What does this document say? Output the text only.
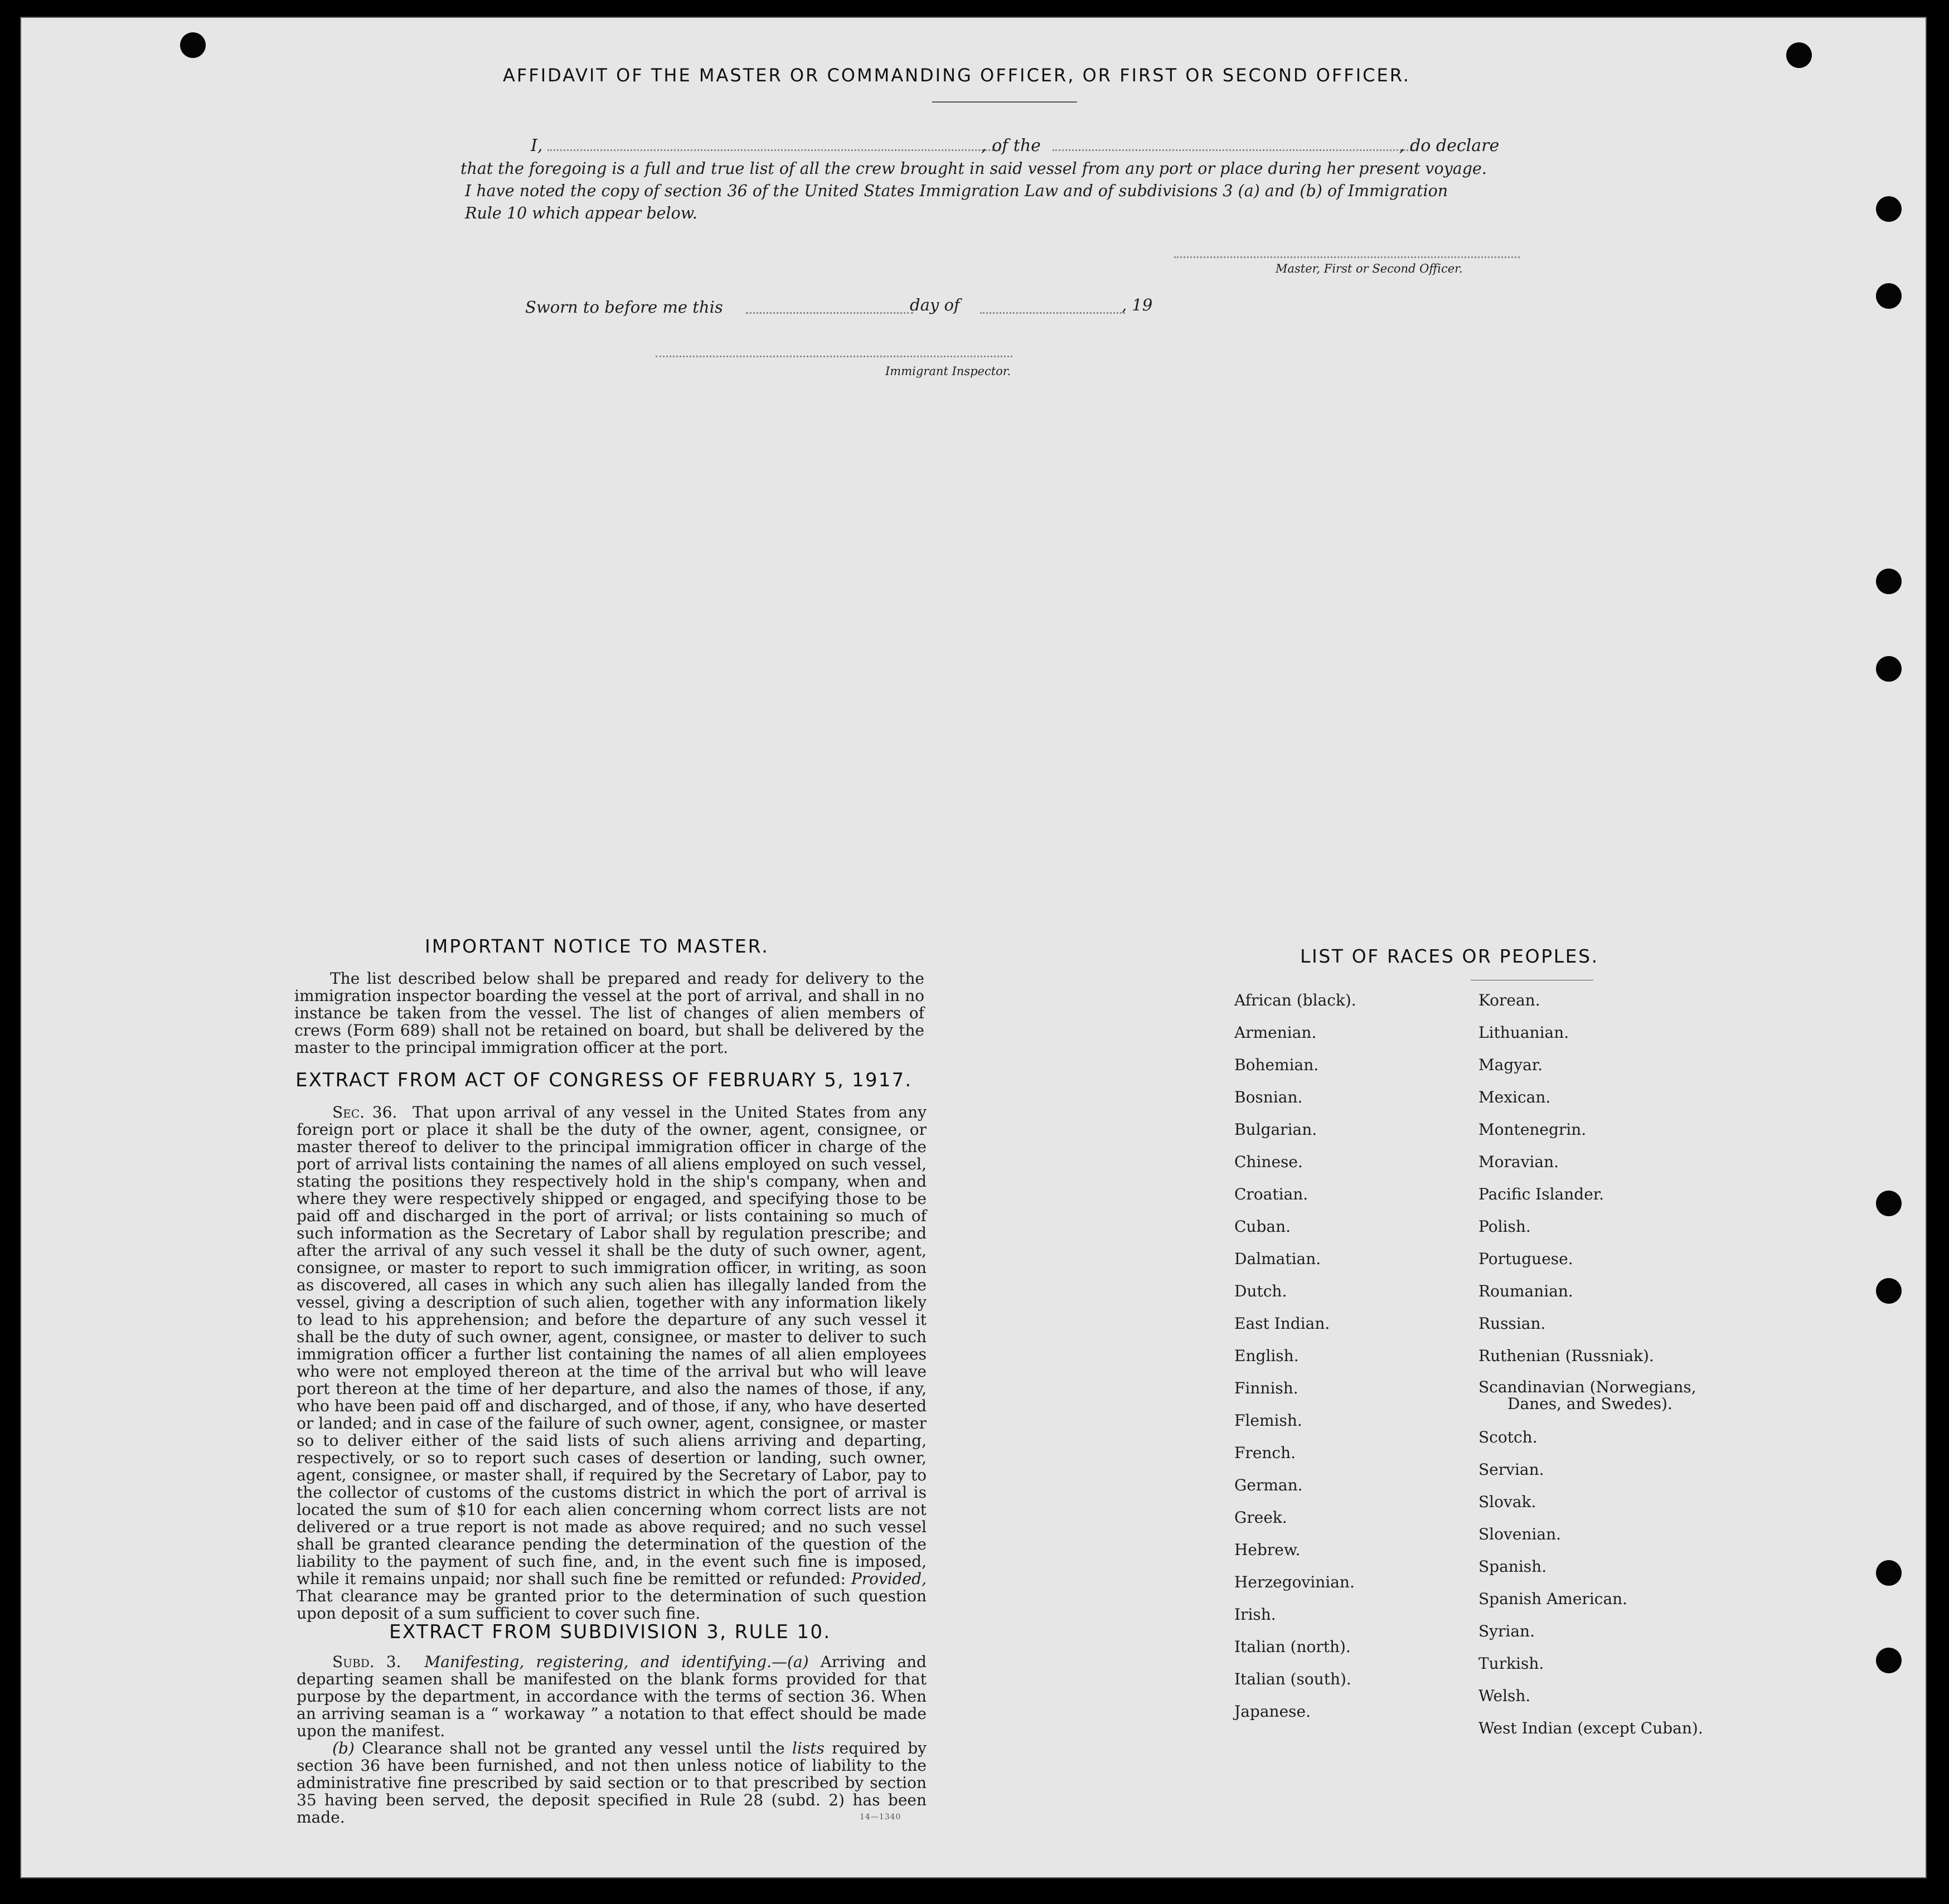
AFFIDAVIT OF THE MASTER OR COMMANDING OFFICER, OR FIRST OR SECOND OFFICER.
I,	, of the	, do declare
that the foregoing is a full and true list of all the crew brought in said vessel from any port or place during her present voyage.
I have noted the copy of section 36 of the United States Immigration Law and of subdivisions 3 (a) and (b) of Immigration
Rule 10 which appear below.
Master, First or Second Officer.
Sworn to before me this	day of	, 19
Immigrant Inspector.
IMPORTANT NOTICE TO MASTER.

The list described below shall be prepared and ready for delivery to the immigration inspector boarding the vessel at the port of arrival, and shall in no instance be taken from the vessel. The list of changes of alien members of crews (Form 689) shall not be retained on board, but shall be delivered by the master to the principal immigration officer at the port.

EXTRACT FROM ACT OF CONGRESS OF FEBRUARY 5, 1917.

Sec. 36. That upon arrival of any vessel in the United States from any foreign port or place it shall be the duty of the owner, agent, consignee, or master thereof to deliver to the principal immigration officer in charge of the port of arrival lists containing the names of all aliens employed on such vessel, stating the positions they respectively hold in the ship's company, when and where they were respectively shipped or engaged, and specifying those to be paid off and discharged in the port of arrival; or lists containing so much of such information as the Secretary of Labor shall by regulation prescribe; and after the arrival of any such vessel it shall be the duty of such owner, agent, consignee, or master to report to such immigration officer, in writing, as soon as discovered, all cases in which any such alien has illegally landed from the vessel, giving a description of such alien, together with any information likely to lead to his apprehension; and before the departure of any such vessel it shall be the duty of such owner, agent, consignee, or master to deliver to such immigration officer a further list containing the names of all alien employees who were not employed thereon at the time of the arrival but who will leave port thereon at the time of her departure, and also the names of those, if any, who have been paid off and discharged, and of those, if any, who have deserted or landed; and in case of the failure of such owner, agent, consignee, or master so to deliver either of the said lists of such aliens arriving and departing, respectively, or so to report such cases of desertion or landing, such owner, agent, consignee, or master shall, if required by the Secretary of Labor, pay to the collector of customs of the customs district in which the port of arrival is located the sum of $10 for each alien concerning whom correct lists are not delivered or a true report is not made as above required; and no such vessel shall be granted clearance pending the determination of the question of the liability to the payment of such fine, and, in the event such fine is imposed, while it remains unpaid; nor shall such fine be remitted or refunded: Provided, That clearance may be granted prior to the determination of such question upon deposit of a sum sufficient to cover such fine.

EXTRACT FROM SUBDIVISION 3, RULE 10.

Subd. 3. Manifesting, registering, and identifying.—(a) Arriving and departing seamen shall be manifested on the blank forms provided for that purpose by the department, in accordance with the terms of section 36. When an arriving seaman is a “ workaway ” a notation to that effect should be made upon the manifest.

(b) Clearance shall not be granted any vessel until the lists required by section 36 have been furnished, and not then unless notice of liability to the administrative fine prescribed by said section or to that prescribed by section 35 having been served, the deposit specified in Rule 28 (subd. 2) has been made.	14—1340
LIST OF RACES OR PEOPLES.
African (black).
Armenian.
Bohemian.
Bosnian.
Bulgarian.
Chinese.
Croatian.
Cuban.
Dalmatian.
Dutch.
East Indian.
English.
Finnish.
Flemish.
French.
German.
Greek.
Hebrew.
Herzegovinian.
Irish.
Italian (north).
Italian (south).
Japanese.
Korean.
Lithuanian.
Magyar.
Mexican.
Montenegrin.
Moravian.
Pacific Islander.
Polish.
Portuguese.
Roumanian.
Russian.
Ruthenian (Russniak).
Scandinavian (Norwegians,
Danes, and Swedes).
Scotch.
Servian.
Slovak.
Slovenian.
Spanish.
Spanish American.
Syrian.
Turkish.
Welsh.
West Indian (except Cuban).
